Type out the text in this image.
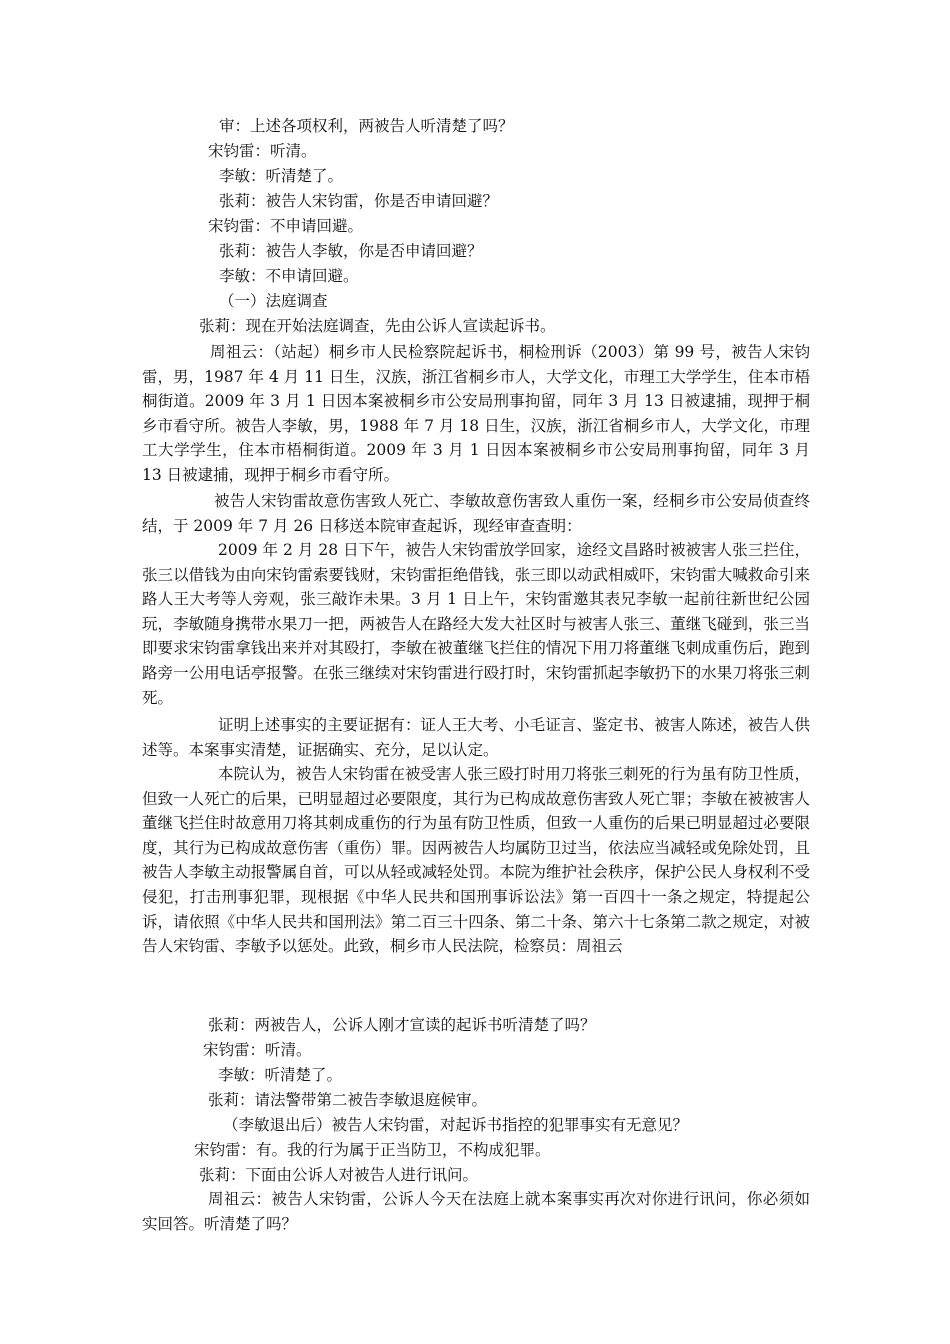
审：上述各项权利，两被告人听清楚了吗？
宋钧雷：听清。
李敏：听清楚了。
张莉：被告人宋钧雷，你是否申请回避？
宋钧雷：不申请回避。
张莉：被告人李敏，你是否申请回避？
李敏：不申请回避。
（一）法庭调查
张莉：现在开始法庭调查，先由公诉人宣读起诉书。
周祖云：（站起）桐乡市人民检察院起诉书，桐检刑诉（2003）第 99 号，被告人宋钧雷，男，1987 年 4 月 11 日生，汉族，浙江省桐乡市人，大学文化，市理工大学学生，住本市梧桐街道。2009 年 3 月 1 日因本案被桐乡市公安局刑事拘留，同年 3 月 13 日被逮捕，现押于桐乡市看守所。被告人李敏，男，1988 年 7 月 18 日生，汉族，浙江省桐乡市人，大学文化，市理工大学学生，住本市梧桐街道。2009 年 3 月 1 日因本案被桐乡市公安局刑事拘留，同年 3 月 13 日被逮捕，现押于桐乡市看守所。
被告人宋钧雷故意伤害致人死亡、李敏故意伤害致人重伤一案，经桐乡市公安局侦查终结，于 2009 年 7 月 26 日移送本院审查起诉，现经审查查明：
2009 年 2 月 28 日下午，被告人宋钧雷放学回家，途经文昌路时被被害人张三拦住，张三以借钱为由向宋钧雷索要钱财，宋钧雷拒绝借钱，张三即以动武相威吓，宋钧雷大喊救命引来路人王大考等人旁观，张三敲诈未果。3 月 1 日上午，宋钧雷邀其表兄李敏一起前往新世纪公园玩，李敏随身携带水果刀一把，两被告人在路经大发大社区时与被害人张三、董继飞碰到，张三当即要求宋钧雷拿钱出来并对其殴打，李敏在被董继飞拦住的情况下用刀将董继飞刺成重伤后，跑到路旁一公用电话亭报警。在张三继续对宋钧雷进行殴打时，宋钧雷抓起李敏扔下的水果刀将张三刺死。
证明上述事实的主要证据有：证人王大考、小毛证言、鉴定书、被害人陈述，被告人供述等。本案事实清楚，证据确实、充分，足以认定。
本院认为，被告人宋钧雷在被受害人张三殴打时用刀将张三刺死的行为虽有防卫性质，但致一人死亡的后果，已明显超过必要限度，其行为已构成故意伤害致人死亡罪；李敏在被被害人董继飞拦住时故意用刀将其刺成重伤的行为虽有防卫性质，但致一人重伤的后果已明显超过必要限度，其行为已构成故意伤害（重伤）罪。因两被告人均属防卫过当，依法应当减轻或免除处罚，且被告人李敏主动报警属自首，可以从轻或减轻处罚。本院为维护社会秩序，保护公民人身权利不受侵犯，打击刑事犯罪，现根据《中华人民共和国刑事诉讼法》第一百四十一条之规定，特提起公诉，请依照《中华人民共和国刑法》第二百三十四条、第二十条、第六十七条第二款之规定，对被告人宋钧雷、李敏予以惩处。此致，桐乡市人民法院，检察员：周祖云
张莉：两被告人，公诉人刚才宣读的起诉书听清楚了吗？
宋钧雷：听清。
李敏：听清楚了。
张莉：请法警带第二被告李敏退庭候审。
（李敏退出后）被告人宋钧雷，对起诉书指控的犯罪事实有无意见？
宋钧雷：有。我的行为属于正当防卫，不构成犯罪。
张莉：下面由公诉人对被告人进行讯问。
周祖云：被告人宋钧雷，公诉人今天在法庭上就本案事实再次对你进行讯问，你必须如实回答。听清楚了吗？
